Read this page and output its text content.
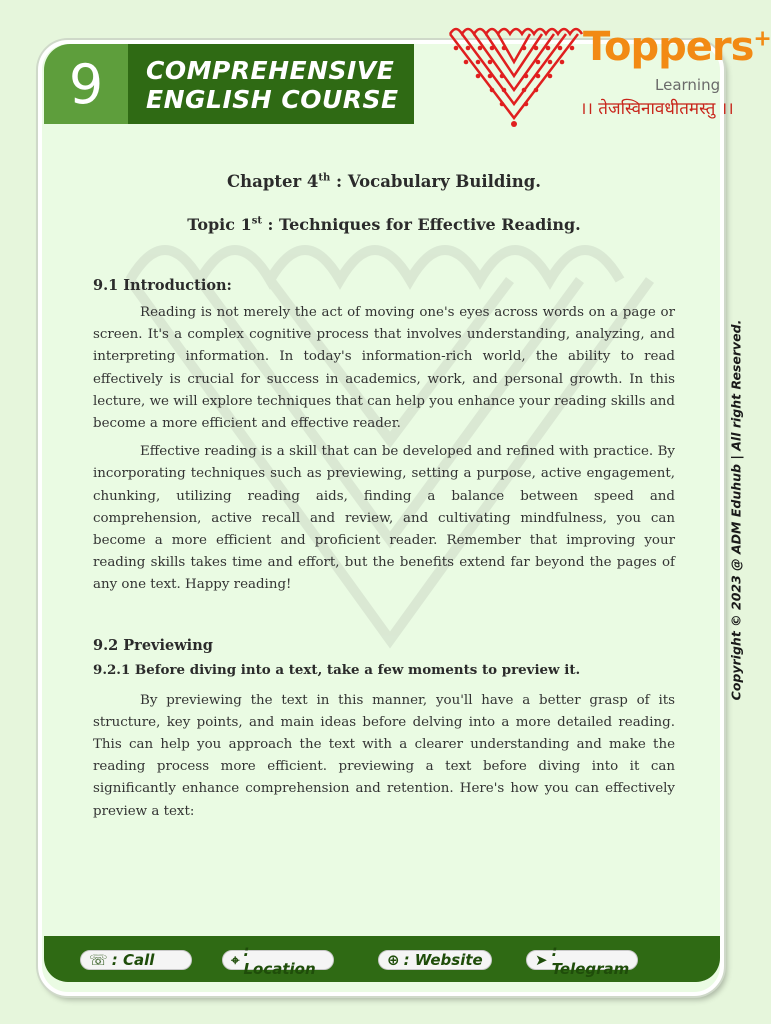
9	COMPREHENSIVE
ENGLISH COURSE
Toppers+
Learning
।। तेजस्विनावधीतमस्तु ।।
Copyright © 2023 @ ADM Eduhub | All right Reserved.
Chapter 4th : Vocabulary Building.
Topic 1st : Techniques for Effective Reading.
9.1 Introduction:

Reading is not merely the act of moving one's eyes across words on a page or screen. It's a complex cognitive process that involves understanding, analyzing, and interpreting information. In today's information-rich world, the ability to read effectively is crucial for success in academics, work, and personal growth. In this lecture, we will explore techniques that can help you enhance your reading skills and become a more efficient and effective reader.

Effective reading is a skill that can be developed and refined with practice. By incorporating techniques such as previewing, setting a purpose, active engagement, chunking, utilizing reading aids, finding a balance between speed and comprehension, active recall and review, and cultivating mindfulness, you can become a more efficient and proficient reader. Remember that improving your reading skills takes time and effort, but the benefits extend far beyond the pages of any one text. Happy reading!

9.2 Previewing
9.2.1 Before diving into a text, take a few moments to preview it.

By previewing the text in this manner, you'll have a better grasp of its structure, key points, and main ideas before delving into a more detailed reading. This can help you approach the text with a clearer understanding and make the reading process more efficient. previewing a text before diving into it can significantly enhance comprehension and retention. Here's how you can effectively preview a text:

☏ : Call	⌖ : Location	⊕ : Website	➤ : Telegram
